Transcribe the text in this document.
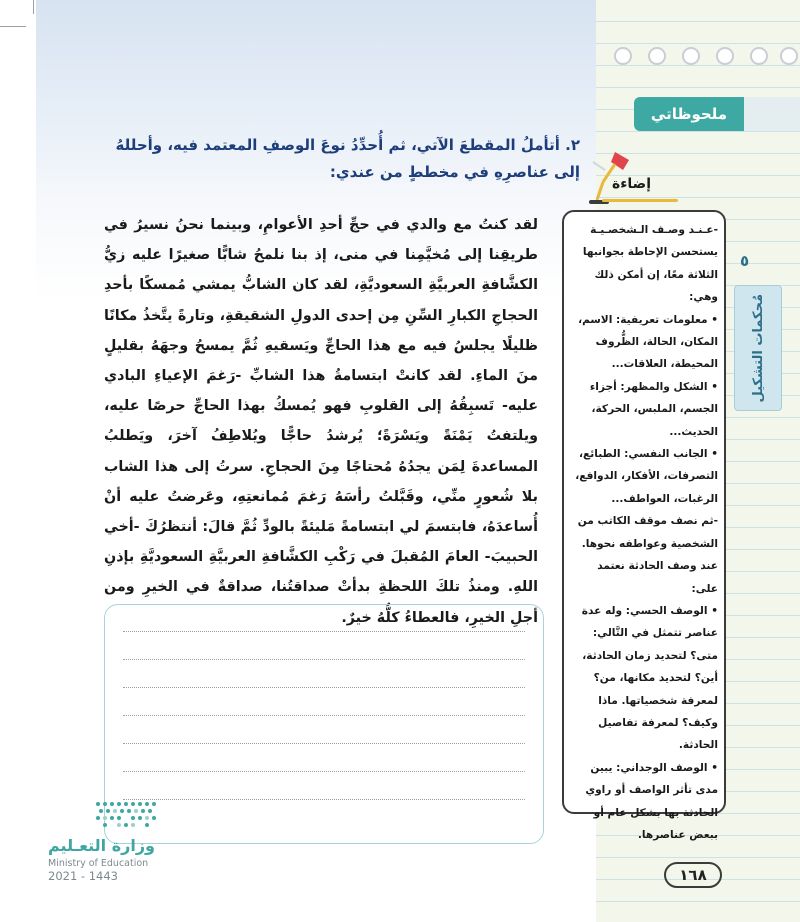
ملحوظاتي
٢. أتأملُ المقطعَ الآتي، ثم أُحدِّدُ نوعَ الوصفِ المعتمد فيه، وأحللهُ إلى عناصرِهِ في مخططٍ من عندي:
لقد كنتُ مع والدي في حجِّ أحدِ الأعوامِ، وبينما نحنُ نسيرُ في طريقِنا إلى مُخيَّمِنا في منى، إذ بنا نلمحُ شابًّا صغيرًا عليه زيُّ الكشَّافةِ العربيَّةِ السعوديَّةِ، لقد كان الشابُّ يمشي مُمسكًا بأحدِ الحجاجِ الكبارِ السِّنِ مِن إحدى الدولِ الشقيقةِ، وتارةً يتَّخذُ مكانًا ظليلًا يجلسُ فيه مع هذا الحاجِّ ويَسقيهِ ثُمَّ يمسحُ وجهَهُ بقليلٍ منَ الماءِ. لقد كانتْ ابتسامةُ هذا الشابِّ -رَغمَ الإعياءِ البادي عليه- تَسبِقُهُ إلى القلوبِ فهو يُمسكُ بهذا الحاجِّ حرصًا عليه، ويلتفتُ يَمْنَةً ويَسْرَةً؛ يُرشدُ حاجًّا ويُلاطِفُ آخرَ، ويَطلبُ المساعدةَ لِمَن يجدُهُ مُحتاجًا مِنَ الحجاجِ. سرتُ إلى هذا الشاب بلا شُعورٍ منِّي، وقَبَّلتُ رأسَهُ رَغمَ مُمانعتِهِ، وعَرضتُ عليه أنْ أُساعدَهُ، فابتسمَ لي ابتسامةً مَليئةً بالودِّ ثُمَّ قالَ: أنتظرُكَ -أخي الحبيبَ- العامَ المُقبلَ في رَكْبِ الكشَّافةِ العربيَّةِ السعوديَّةِ بإذنِ اللهِ. ومنذُ تلكَ اللحظةِ بدأتْ صداقتُنا، صداقةٌ في الخيرِ ومن أجلِ الخيرِ، فالعطاءُ كلُّهُ خيرٌ.
وزارة التعـليم
Ministry of Education
2021 - 1443	١٦٨
إضاءة

-عـنـد وصـف الـشخصـيـة يستحسن الإحاطة بجوانبها الثلاثة معًا، إن أمكن ذلك وهي:

• معلومات تعريفية: الاسم، المكان، الحالة، الظُّروف المحيطة، العلاقات...

• الشكل والمظهر: أجزاء الجسم، الملبس، الحركة، الحديث...

• الجانب النفسي: الطبائع، التصرفات، الأفكار، الدوافع، الرغبات، العواطف...

-ثم نصف موقف الكاتب من الشخصية وعواطفه نحوها.

عند وصف الحادثة نعتمد على:

• الوصف الحسي: وله عدة عناصر تتمثل في التَّالي: متى؟ لتحديد زمان الحادثة، أين؟ لتحديد مكانها، من؟ لمعرفة شخصياتها. ماذا وكيف؟ لمعرفة تفاصيل الحادثة.

• الوصف الوجداني: يبين مدى تأثر الواصف أو راوي الحادثة بها بشكل عام أو ببعض عناصرها.

٥
مُحكمات التشكيل
